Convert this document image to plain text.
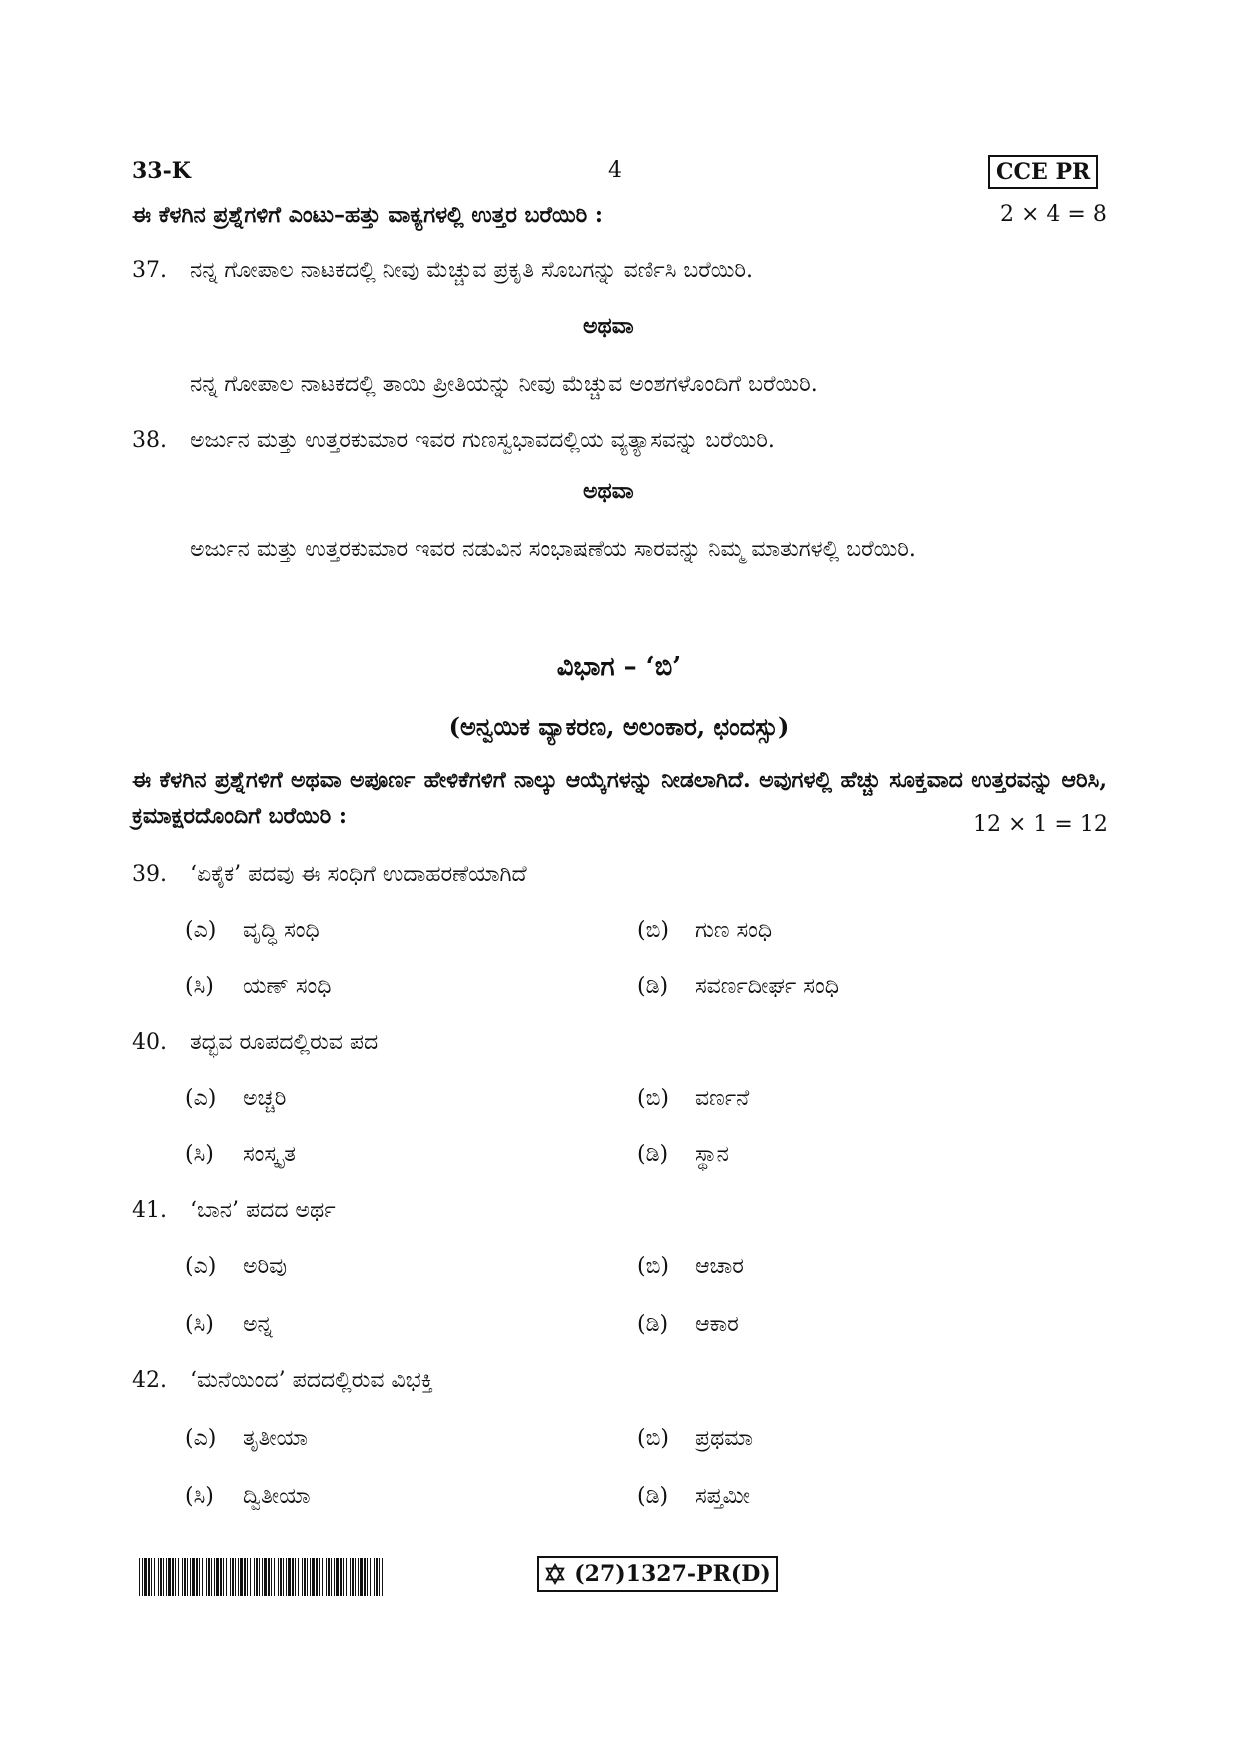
33-K	4	CCE PR
ಈ ಕೆಳಗಿನ ಪ್ರಶ್ನೆಗಳಿಗೆ ಎಂಟು–ಹತ್ತು ವಾಕ್ಯಗಳಲ್ಲಿ ಉತ್ತರ ಬರೆಯಿರಿ :	2 × 4 = 8
37. ನನ್ನ ಗೋಪಾಲ ನಾಟಕದಲ್ಲಿ ನೀವು ಮೆಚ್ಚುವ ಪ್ರಕೃತಿ ಸೊಬಗನ್ನು ವರ್ಣಿಸಿ ಬರೆಯಿರಿ.
ಅಥವಾ
ನನ್ನ ಗೋಪಾಲ ನಾಟಕದಲ್ಲಿ ತಾಯಿ ಪ್ರೀತಿಯನ್ನು ನೀವು ಮೆಚ್ಚುವ ಅಂಶಗಳೊಂದಿಗೆ ಬರೆಯಿರಿ.
38. ಅರ್ಜುನ ಮತ್ತು ಉತ್ತರಕುಮಾರ ಇವರ ಗುಣಸ್ವಭಾವದಲ್ಲಿಯ ವ್ಯತ್ಯಾಸವನ್ನು ಬರೆಯಿರಿ.
ಅಥವಾ
ಅರ್ಜುನ ಮತ್ತು ಉತ್ತರಕುಮಾರ ಇವರ ನಡುವಿನ ಸಂಭಾಷಣೆಯ ಸಾರವನ್ನು ನಿಮ್ಮ ಮಾತುಗಳಲ್ಲಿ ಬರೆಯಿರಿ.
ವಿಭಾಗ – ‘ಬಿ’
(ಅನ್ವಯಿಕ ವ್ಯಾಕರಣ, ಅಲಂಕಾರ, ಛಂದಸ್ಸು)
ಈ ಕೆಳಗಿನ ಪ್ರಶ್ನೆಗಳಿಗೆ ಅಥವಾ ಅಪೂರ್ಣ ಹೇಳಿಕೆಗಳಿಗೆ ನಾಲ್ಕು ಆಯ್ಕೆಗಳನ್ನು ನೀಡಲಾಗಿದೆ. ಅವುಗಳಲ್ಲಿ ಹೆಚ್ಚು ಸೂಕ್ತವಾದ ಉತ್ತರವನ್ನು ಆರಿಸಿ, ಕ್ರಮಾಕ್ಷರದೊಂದಿಗೆ ಬರೆಯಿರಿ :	12 × 1 = 12
39. ‘ಏಕೈಕ’ ಪದವು ಈ ಸಂಧಿಗೆ ಉದಾಹರಣೆಯಾಗಿದೆ
(ಎ) ವೃದ್ಧಿ ಸಂಧಿ	(ಬಿ) ಗುಣ ಸಂಧಿ
(ಸಿ) ಯಣ್ ಸಂಧಿ	(ಡಿ) ಸವರ್ಣದೀರ್ಘ ಸಂಧಿ
40. ತದ್ಭವ ರೂಪದಲ್ಲಿರುವ ಪದ
(ಎ) ಅಚ್ಚರಿ	(ಬಿ) ವರ್ಣನೆ
(ಸಿ) ಸಂಸ್ಕೃತ	(ಡಿ) ಸ್ಥಾನ
41. ‘ಬಾನ’ ಪದದ ಅರ್ಥ
(ಎ) ಅರಿವು	(ಬಿ) ಆಚಾರ
(ಸಿ) ಅನ್ನ	(ಡಿ) ಆಕಾರ
42. ‘ಮನೆಯಿಂದ’ ಪದದಲ್ಲಿರುವ ವಿಭಕ್ತಿ
(ಎ) ತೃತೀಯಾ	(ಬಿ) ಪ್ರಥಮಾ
(ಸಿ) ದ್ವಿತೀಯಾ	(ಡಿ) ಸಪ್ತಮೀ
(27)1327-PR(D)
